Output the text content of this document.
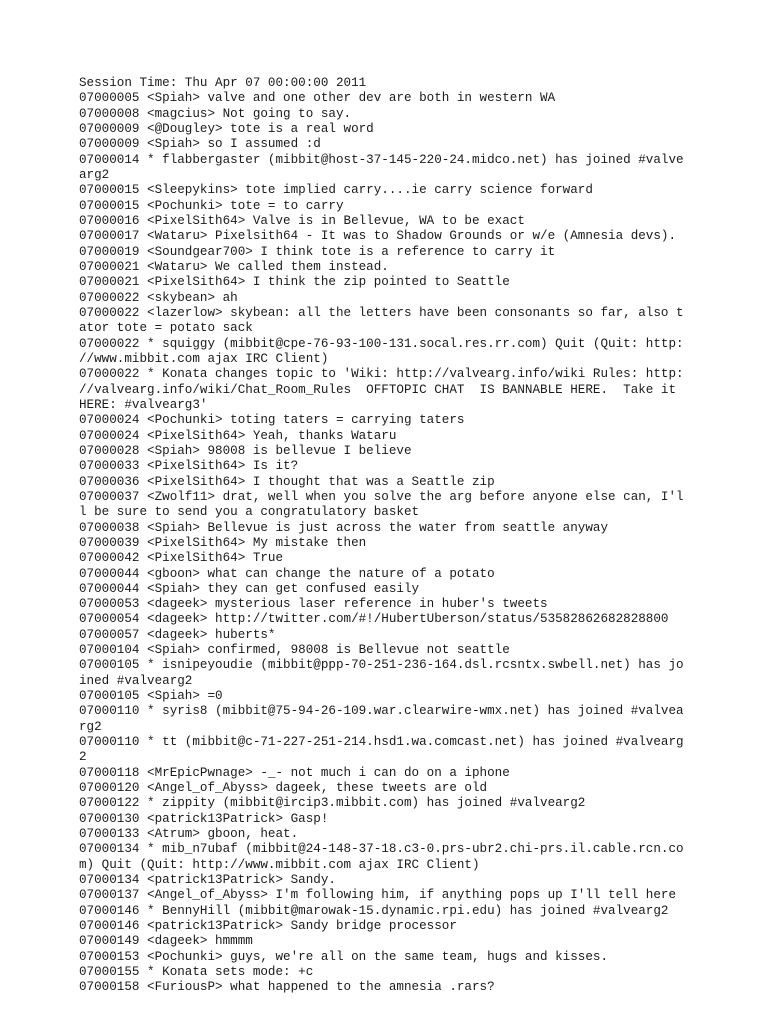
Session Time: Thu Apr 07 00:00:00 2011
07000005 <Spiah> valve and one other dev are both in western WA
07000008 <magcius> Not going to say.
07000009 <@Dougley> tote is a real word
07000009 <Spiah> so I assumed :d
07000014 * flabbergaster (mibbit@host-37-145-220-24.midco.net) has joined #valve
arg2
07000015 <Sleepykins> tote implied carry....ie carry science forward
07000015 <Pochunki> tote = to carry
07000016 <PixelSith64> Valve is in Bellevue, WA to be exact
07000017 <Wataru> Pixelsith64 - It was to Shadow Grounds or w/e (Amnesia devs).
07000019 <Soundgear700> I think tote is a reference to carry it
07000021 <Wataru> We called them instead.
07000021 <PixelSith64> I think the zip pointed to Seattle
07000022 <skybean> ah
07000022 <lazerlow> skybean: all the letters have been consonants so far, also t
ator tote = potato sack
07000022 * squiggy (mibbit@cpe-76-93-100-131.socal.res.rr.com) Quit (Quit: http:
//www.mibbit.com ajax IRC Client)
07000022 * Konata changes topic to 'Wiki: http://valvearg.info/wiki Rules: http:
//valvearg.info/wiki/Chat_Room_Rules  OFFTOPIC CHAT  IS BANNABLE HERE.  Take it
HERE: #valvearg3'
07000024 <Pochunki> toting taters = carrying taters
07000024 <PixelSith64> Yeah, thanks Wataru
07000028 <Spiah> 98008 is bellevue I believe
07000033 <PixelSith64> Is it?
07000036 <PixelSith64> I thought that was a Seattle zip
07000037 <Zwolf11> drat, well when you solve the arg before anyone else can, I'l
l be sure to send you a congratulatory basket
07000038 <Spiah> Bellevue is just across the water from seattle anyway
07000039 <PixelSith64> My mistake then
07000042 <PixelSith64> True
07000044 <gboon> what can change the nature of a potato
07000044 <Spiah> they can get confused easily
07000053 <dageek> mysterious laser reference in huber's tweets
07000054 <dageek> http://twitter.com/#!/HubertUberson/status/53582862682828800
07000057 <dageek> huberts*
07000104 <Spiah> confirmed, 98008 is Bellevue not seattle
07000105 * isnipeyoudie (mibbit@ppp-70-251-236-164.dsl.rcsntx.swbell.net) has jo
ined #valvearg2
07000105 <Spiah> =0
07000110 * syris8 (mibbit@75-94-26-109.war.clearwire-wmx.net) has joined #valvea
rg2
07000110 * tt (mibbit@c-71-227-251-214.hsd1.wa.comcast.net) has joined #valvearg
2
07000118 <MrEpicPwnage> -_- not much i can do on a iphone
07000120 <Angel_of_Abyss> dageek, these tweets are old
07000122 * zippity (mibbit@ircip3.mibbit.com) has joined #valvearg2
07000130 <patrick13Patrick> Gasp!
07000133 <Atrum> gboon, heat.
07000134 * mib_n7ubaf (mibbit@24-148-37-18.c3-0.prs-ubr2.chi-prs.il.cable.rcn.co
m) Quit (Quit: http://www.mibbit.com ajax IRC Client)
07000134 <patrick13Patrick> Sandy.
07000137 <Angel_of_Abyss> I'm following him, if anything pops up I'll tell here
07000146 * BennyHill (mibbit@marowak-15.dynamic.rpi.edu) has joined #valvearg2
07000146 <patrick13Patrick> Sandy bridge processor
07000149 <dageek> hmmmm
07000153 <Pochunki> guys, we're all on the same team, hugs and kisses.
07000155 * Konata sets mode: +c
07000158 <FuriousP> what happened to the amnesia .rars?
